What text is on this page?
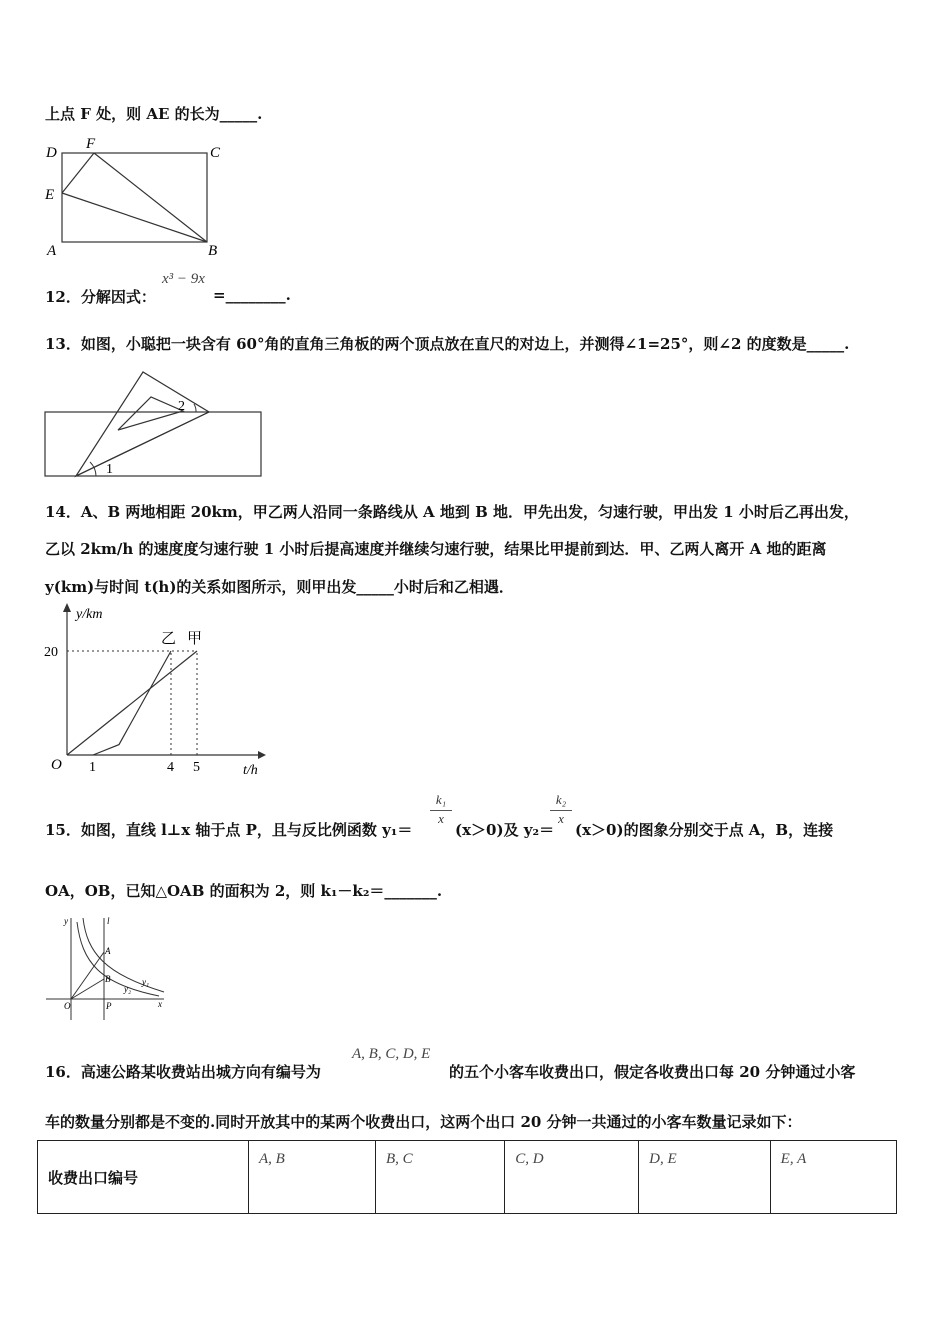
上点 F 处，则 AE 的长为_____.
D
F
C
E
A	B
12．分解因式：
x³ − 9x
=________.
13．如图，小聪把一块含有 60°角的直角三角板的两个顶点放在直尺的对边上，并测得∠1=25°，则∠2 的度数是_____.
2
1
14．A、B 两地相距 20km，甲乙两人沿同一条路线从 A 地到 B 地．甲先出发，匀速行驶，甲出发 1 小时后乙再出发，
乙以 2km/h 的速度度匀速行驶 1 小时后提高速度并继续匀速行驶，结果比甲提前到达．甲、乙两人离开 A 地的距离
y(km)与时间 t(h)的关系如图所示，则甲出发_____小时后和乙相遇．
y/km
t/h
O
20
1	4 5
甲
乙
15．如图，直线 l⊥x 轴于点 P，且与反比例函数 y₁＝
$\frac{\text{k₁}}{x}$
(x＞0)及 y₂＝
$\frac{\text{k₂}}{x}$
(x＞0)的图象分别交于点 A，B，连接
OA，OB，已知△OAB 的面积为 2，则 k₁－k₂＝_______.
y	l
A
B	y₁
y₂
O	P	x
16．高速公路某收费站出城方向有编号为
A, B, C, D, E
的五个小客车收费出口，假定各收费出口每 20 分钟通过小客
车的数量分别都是不变的.同时开放其中的某两个收费出口，这两个出口 20 分钟一共通过的小客车数量记录如下：
收费出口编号	A, B	B, C	C, D	D, E	E, A
